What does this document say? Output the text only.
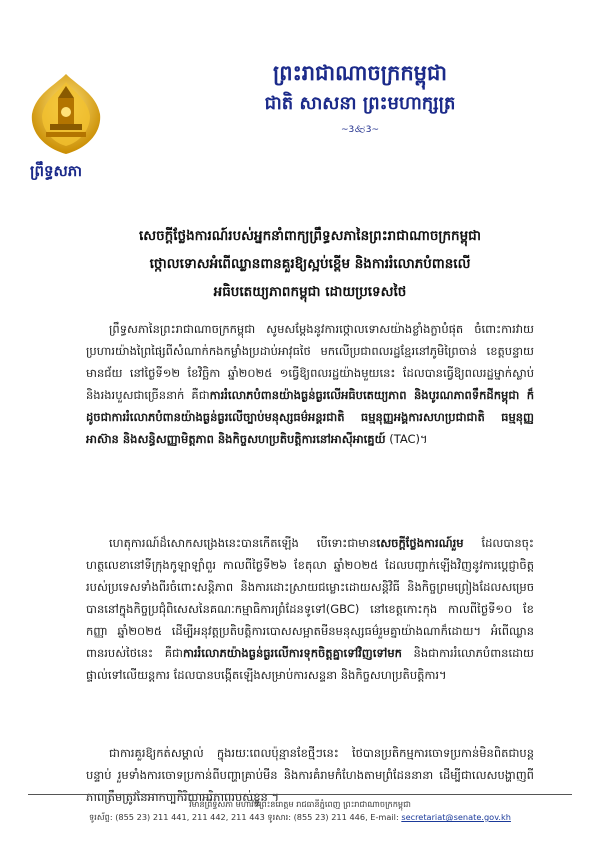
ព្រឹទ្ធសភា
ព្រះរាជាណាចក្រកម្ពុជា
ជាតិ សាសនា ព្រះមហាក្សត្រ
~3🙵3~
សេចក្តីថ្លែងការណ៍របស់អ្នកនាំពាក្យព្រឹទ្ធសភានៃព្រះរាជាណាចក្រកម្ពុជា
ថ្កោលទោសអំពើឈ្លានពានគួរឱ្យស្អប់ខ្ពើម និងការរំលោភបំពានលើ
អធិបតេយ្យភាពកម្ពុជា ដោយប្រទេសថៃ
  ព្រឹទ្ធសភានៃព្រះរាជាណាចក្រកម្ពុជា សូមសម្តែងនូវការថ្កោលទោសយ៉ាងខ្លាំងក្លាបំផុត ចំពោះការវាយប្រហារយ៉ាងព្រៃផ្សៃពីសំណាក់កងកម្លាំងប្រដាប់អាវុធថៃ មកលើប្រជាពលរដ្ឋខ្មែរនៅភូមិព្រៃចាន់ ខេត្តបន្ទាយមានជ័យ នៅថ្ងៃទី១២ ខែវិច្ឆិកា ឆ្នាំ២០២៥ ១ធ្វើឱ្យពលរដ្ឋយ៉ាងមួយនេះ ដែលបានធ្វើឱ្យពលរដ្ឋម្នាក់ស្លាប់ និងរងរបួសជាច្រើននាក់ គឺជាការរំលោភបំពានយ៉ាងធ្ងន់ធ្ងរលើអធិបតេយ្យភាព និងបូរណភាពទឹកដីកម្ពុជា ក៏ដូចជាការរំលោភបំពានយ៉ាងធ្ងន់ធ្ងរលើច្បាប់មនុស្សធម៌អន្តរជាតិ ធម្មនុញ្ញអង្គការសហប្រជាជាតិ ធម្មនុញ្ញអាស៊ាន និងសន្ធិសញ្ញាមិត្តភាព និងកិច្ចសហប្រតិបត្តិការនៅអាស៊ីអាគ្នេយ៍ (TAC)។
  ហេតុការណ៍ដ៏សោកសង្រេងនេះបានកើតឡើង បើទោះជាមានសេចក្តីថ្លែងការណ៍រួម ដែលបានចុះហត្ថលេខានៅទីក្រុងកូឡាឡាំពួរ កាលពីថ្ងៃទី២៦ ខែតុលា ឆ្នាំ២០២៥ ដែលបញ្ជាក់ឡើងវិញនូវការប្តេជ្ញាចិត្តរបស់ប្រទេសទាំងពីរចំពោះសន្តិភាព និងការដោះស្រាយជម្លោះដោយសន្តិវិធី និងកិច្ចព្រមព្រៀងដែលសម្រេចបាននៅក្នុងកិច្ចប្រជុំពិសេសនៃគណៈកម្មាធិការព្រំដែនទូទៅ(GBC) នៅខេត្តកោះកុង កាលពីថ្ងៃទី១០ ខែកញ្ញា ឆ្នាំ២០២៥ ដើម្បីអនុវត្តប្រតិបត្តិការបោសសម្អាតមីនមនុស្សធម៌រួមគ្នាយ៉ាងណាក៏ដោយ។ អំពើឈ្លានពានរបស់ថៃនេះ គឺជាការរំលោភយ៉ាងធ្ងន់ធ្ងរលើការទុកចិត្តគ្នាទៅវិញទៅមក និងជាការរំលោភបំពានដោយផ្ទាល់ទៅលើយន្តការ ដែលបានបង្កើតឡើងសម្រាប់ការសន្ទនា និងកិច្ចសហប្រតិបត្តិការ។
  ជាការគួរឱ្យកត់សម្គាល់ ក្នុងរយៈពេលប៉ុន្មានខែថ្មីៗនេះ ថៃបានប្រតិកម្មការចោទប្រកាន់មិនពិតជាបន្តបន្ទាប់ រួមទាំងការចោទប្រកាន់ពីបញ្ហាគ្រាប់មីន និងការគំរាមកំហែងតាមព្រំដែននានា ដើម្បីជាលេសបង្ហាញពីភាពត្រឹមត្រូវនៃអាកប្បកិរិយាអរិភាពរបស់ខ្លួន ។
វិមានព្រឹទ្ធសភា មហាវិថីព្រះនរោត្តម រាជធានីភ្នំពេញ ព្រះរាជាណាចក្រកម្ពុជា
ទូរស័ព្ទ: (855 23) 211 441, 211 442, 211 443 ទូរសារ: (855 23) 211 446, E-mail: secretariat@senate.gov.kh
